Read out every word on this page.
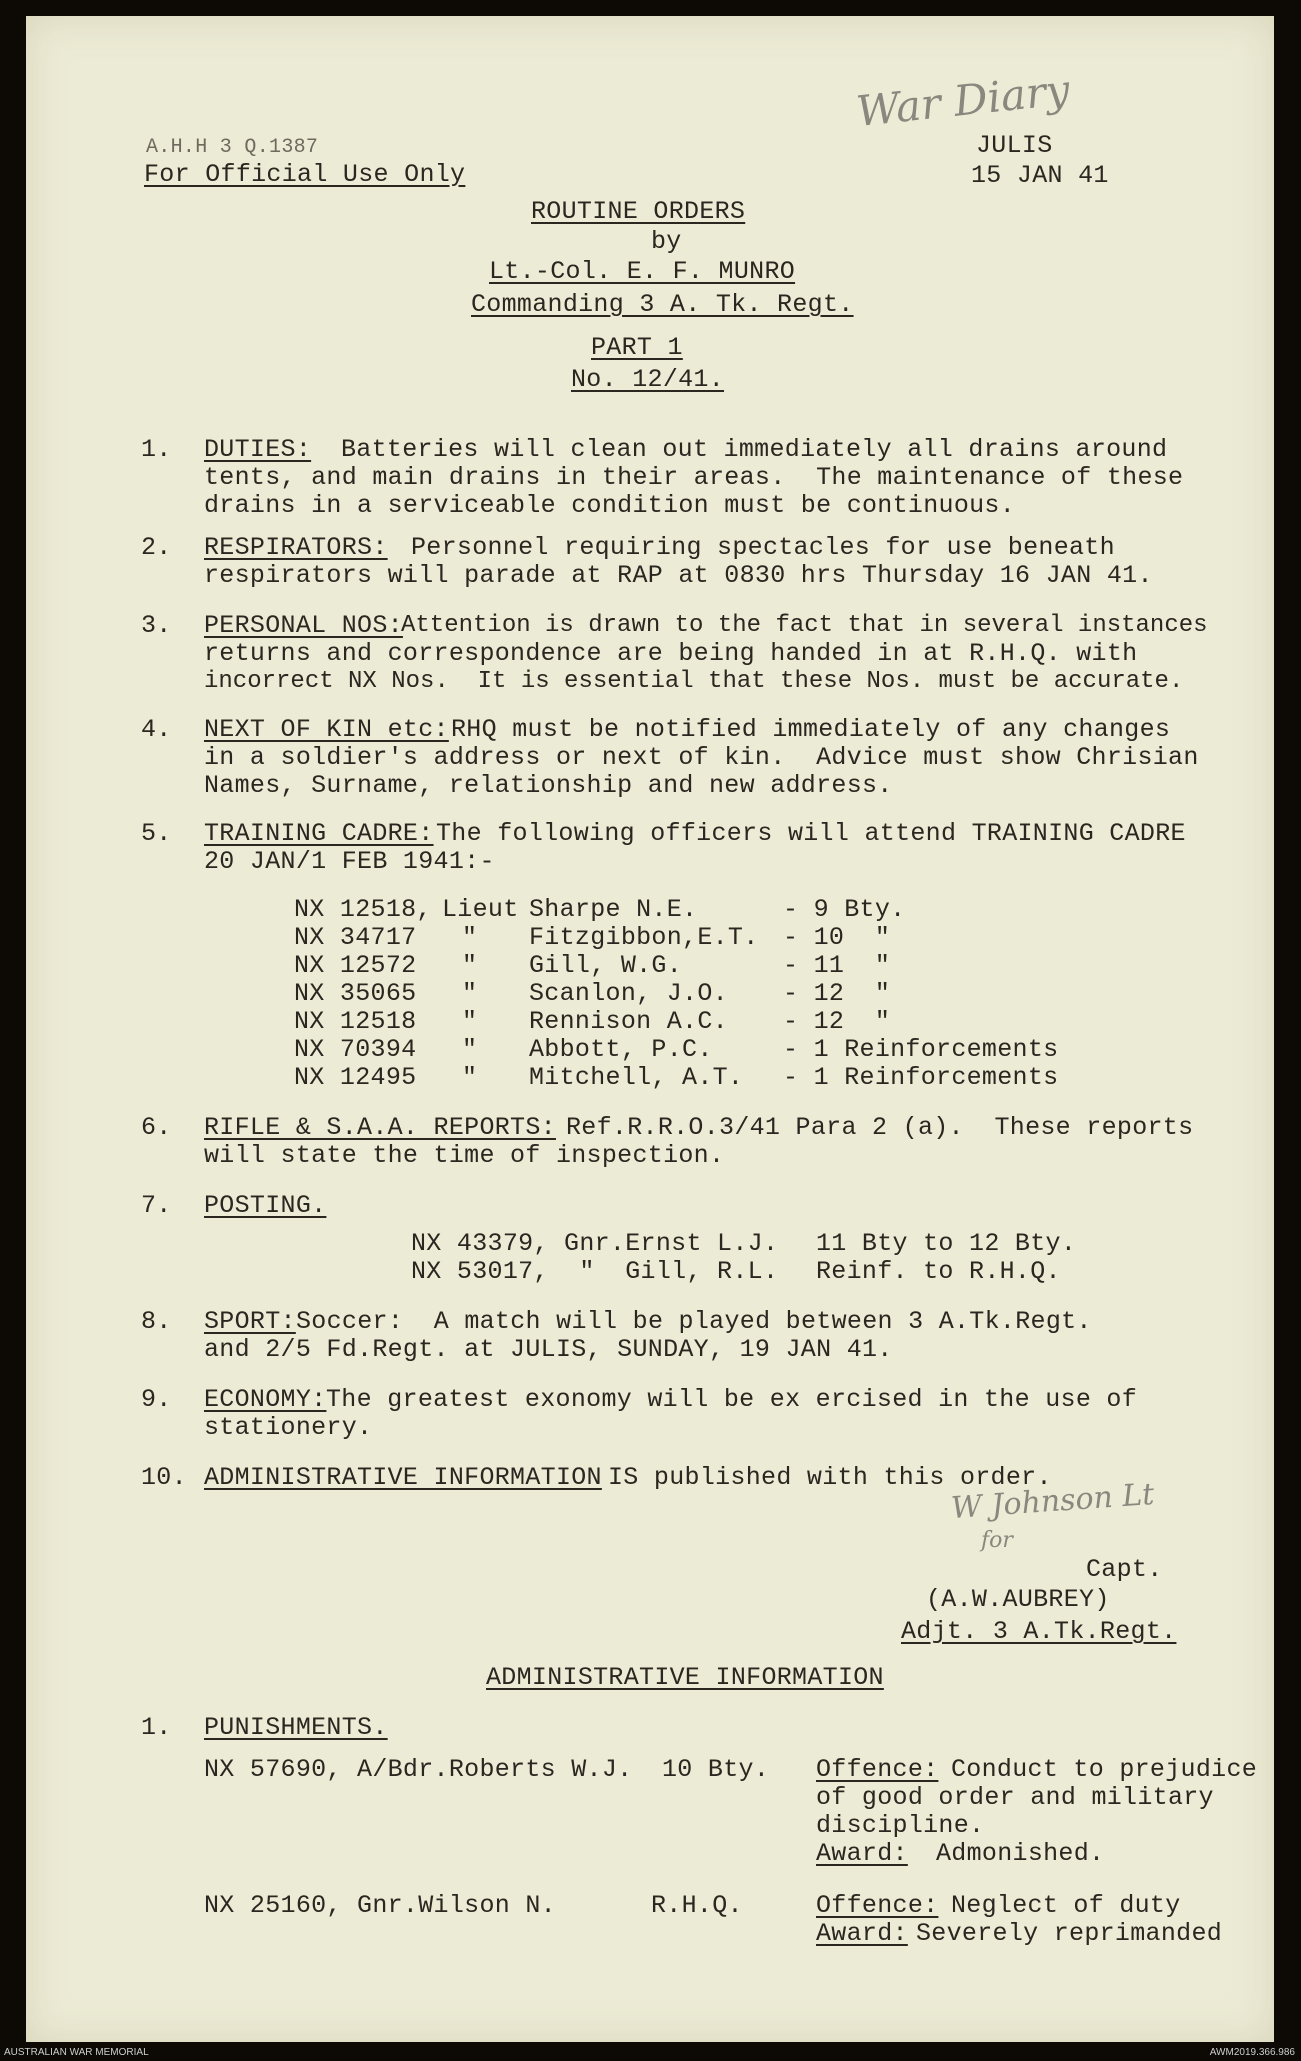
A.H.H 3 Q.1387
For Official Use Only
JULIS
15 JAN 41
War Diary
ROUTINE ORDERS
by
Lt.-Col. E. F. MUNRO
Commanding 3 A. Tk. Regt.
PART 1
No. 12/41.
1. DUTIES: Batteries will clean out immediately all drains around
tents, and main drains in their areas.  The maintenance of these
drains in a serviceable condition must be continuous.
2. RESPIRATORS: Personnel requiring spectacles for use beneath
respirators will parade at RAP at 0830 hrs Thursday 16 JAN 41.
3. PERSONAL NOS:
Attention is drawn to the fact that in several instances
returns and correspondence are being handed in at R.H.Q. with
incorrect NX Nos.  It is essential that these Nos. must be accurate.
4. NEXT OF KIN etc: RHQ must be notified immediately of any changes
in a soldier's address or next of kin.  Advice must show Chrisian
Names, Surname, relationship and new address.
5. TRAINING CADRE: The following officers will attend TRAINING CADRE
20 JAN/1 FEB 1941:-
NX 12518, Lieut Sharpe N.E.	- 9 Bty.
NX 34717 " Fitzgibbon,E.T. - 10  "
NX 12572 " Gill, W.G.	- 11  "
NX 35065 " Scanlon, J.O. - 12  "
NX 12518 " Rennison A.C. - 12  "
NX 70394 " Abbott, P.C.	- 1 Reinforcements
NX 12495 " Mitchell, A.T. - 1 Reinforcements
6. RIFLE & S.A.A. REPORTS: Ref.R.R.O.3/41 Para 2 (a).  These reports
will state the time of inspection.
7. POSTING.
NX 43379, Gnr.Ernst L.J. 11 Bty to 12 Bty.
NX 53017,  "  Gill, R.L. Reinf. to R.H.Q.
8. SPORT: Soccer:  A match will be played between 3 A.Tk.Regt.
and 2/5 Fd.Regt. at JULIS, SUNDAY, 19 JAN 41.
9. ECONOMY: The greatest exonomy will be ex ercised in the use of
stationery.
10. ADMINISTRATIVE INFORMATION IS published with this order.
W Johnson Lt
for
Capt.
(A.W.AUBREY)
Adjt. 3 A.Tk.Regt.
ADMINISTRATIVE INFORMATION
1. PUNISHMENTS.
NX 57690, A/Bdr.Roberts W.J. 10 Bty. Offence: Conduct to prejudice
of good order and military
discipline.
Award: Admonished.
NX 25160, Gnr.Wilson N.	R.H.Q.	Offence: Neglect of duty
Award: Severely reprimanded
AUSTRALIAN WAR MEMORIAL	AWM2019.366.986
